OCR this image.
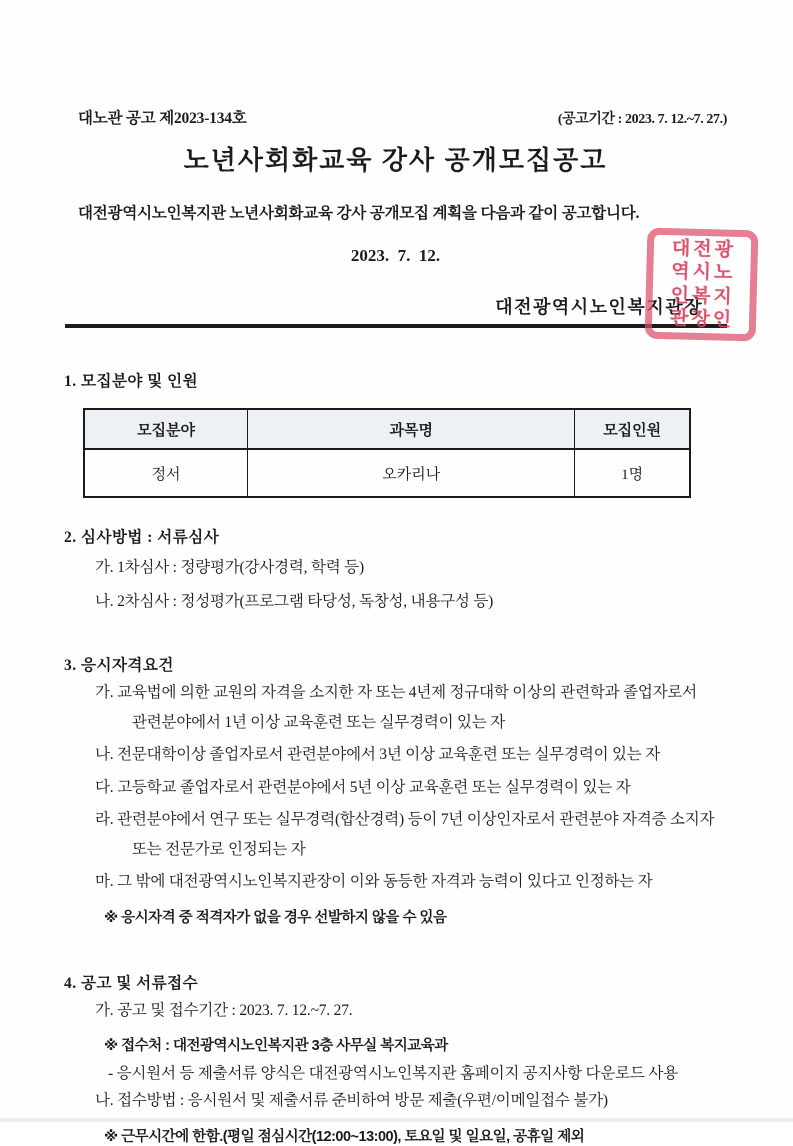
대노관 공고 제2023-134호	(공고기간 : 2023. 7. 12.~7. 27.)
노년사회화교육 강사 공개모집공고

대전광역시노인복지관 노년사회화교육 강사 공개모집 계획을 다음과 같이 공고합니다.

2023.  7.  12.
대전광역시노인복지관장
1. 모집분야 및 인원
모집분야	과목명	모집인원
정서	오카리나	1명
2. 심사방법 : 서류심사
가. 1차심사 : 정량평가(강사경력, 학력 등)
나. 2차심사 : 정성평가(프로그램 타당성, 독창성, 내용구성 등)
3. 응시자격요건
가. 교육법에 의한 교원의 자격을 소지한 자 또는 4년제 정규대학 이상의 관련학과 졸업자로서 관련분야에서 1년 이상 교육훈련 또는 실무경력이 있는 자
나. 전문대학이상 졸업자로서 관련분야에서 3년 이상 교육훈련 또는 실무경력이 있는 자
다. 고등학교 졸업자로서 관련분야에서 5년 이상 교육훈련 또는 실무경력이 있는 자
라. 관련분야에서 연구 또는 실무경력(합산경력) 등이 7년 이상인자로서 관련분야 자격증 소지자 또는 전문가로 인정되는 자
마. 그 밖에 대전광역시노인복지관장이 이와 동등한 자격과 능력이 있다고 인정하는 자
※ 응시자격 중 적격자가 없을 경우 선발하지 않을 수 있음
4. 공고 및 서류접수
가. 공고 및 접수기간 : 2023. 7. 12.~7. 27.
※ 접수처 : 대전광역시노인복지관 3층 사무실 복지교육과
- 응시원서 등 제출서류 양식은 대전광역시노인복지관 홈페이지 공지사항 다운로드 사용
나. 접수방법 : 응시원서 및 제출서류 준비하여 방문 제출(우편/이메일접수 불가)
※ 근무시간에 한함.(평일 점심시간(12:00~13:00), 토요일 및 일요일, 공휴일 제외
대전광
역시노
인복지
관장인
